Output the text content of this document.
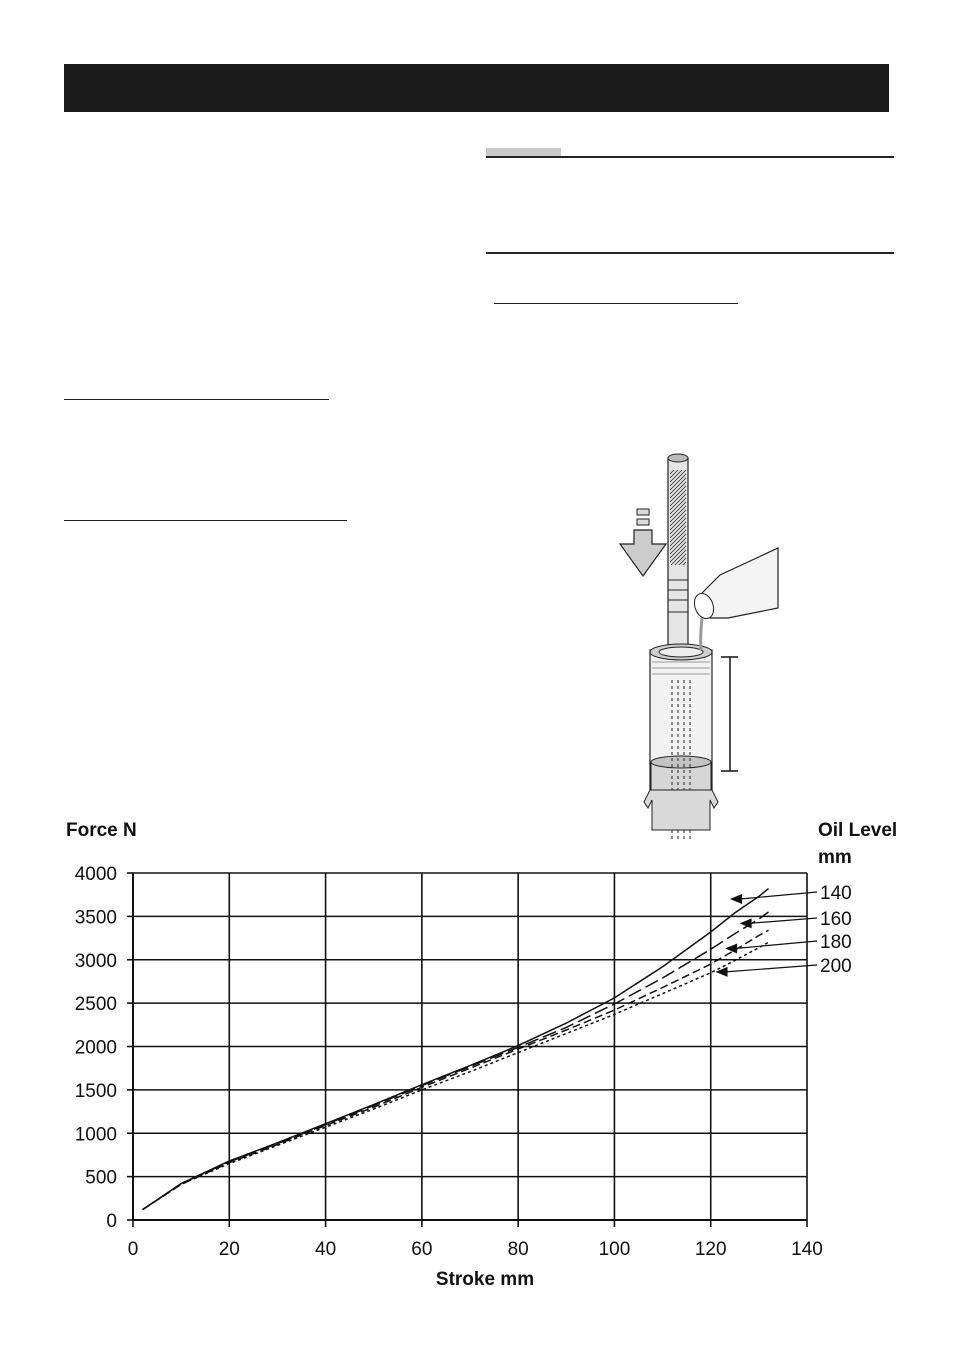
Force N	Oil Level
mm
Stroke mm
0
500
1000
1500
2000
2500
3000
3500
4000
0	20	40	60	80	100	120	140
140
160
180
200
